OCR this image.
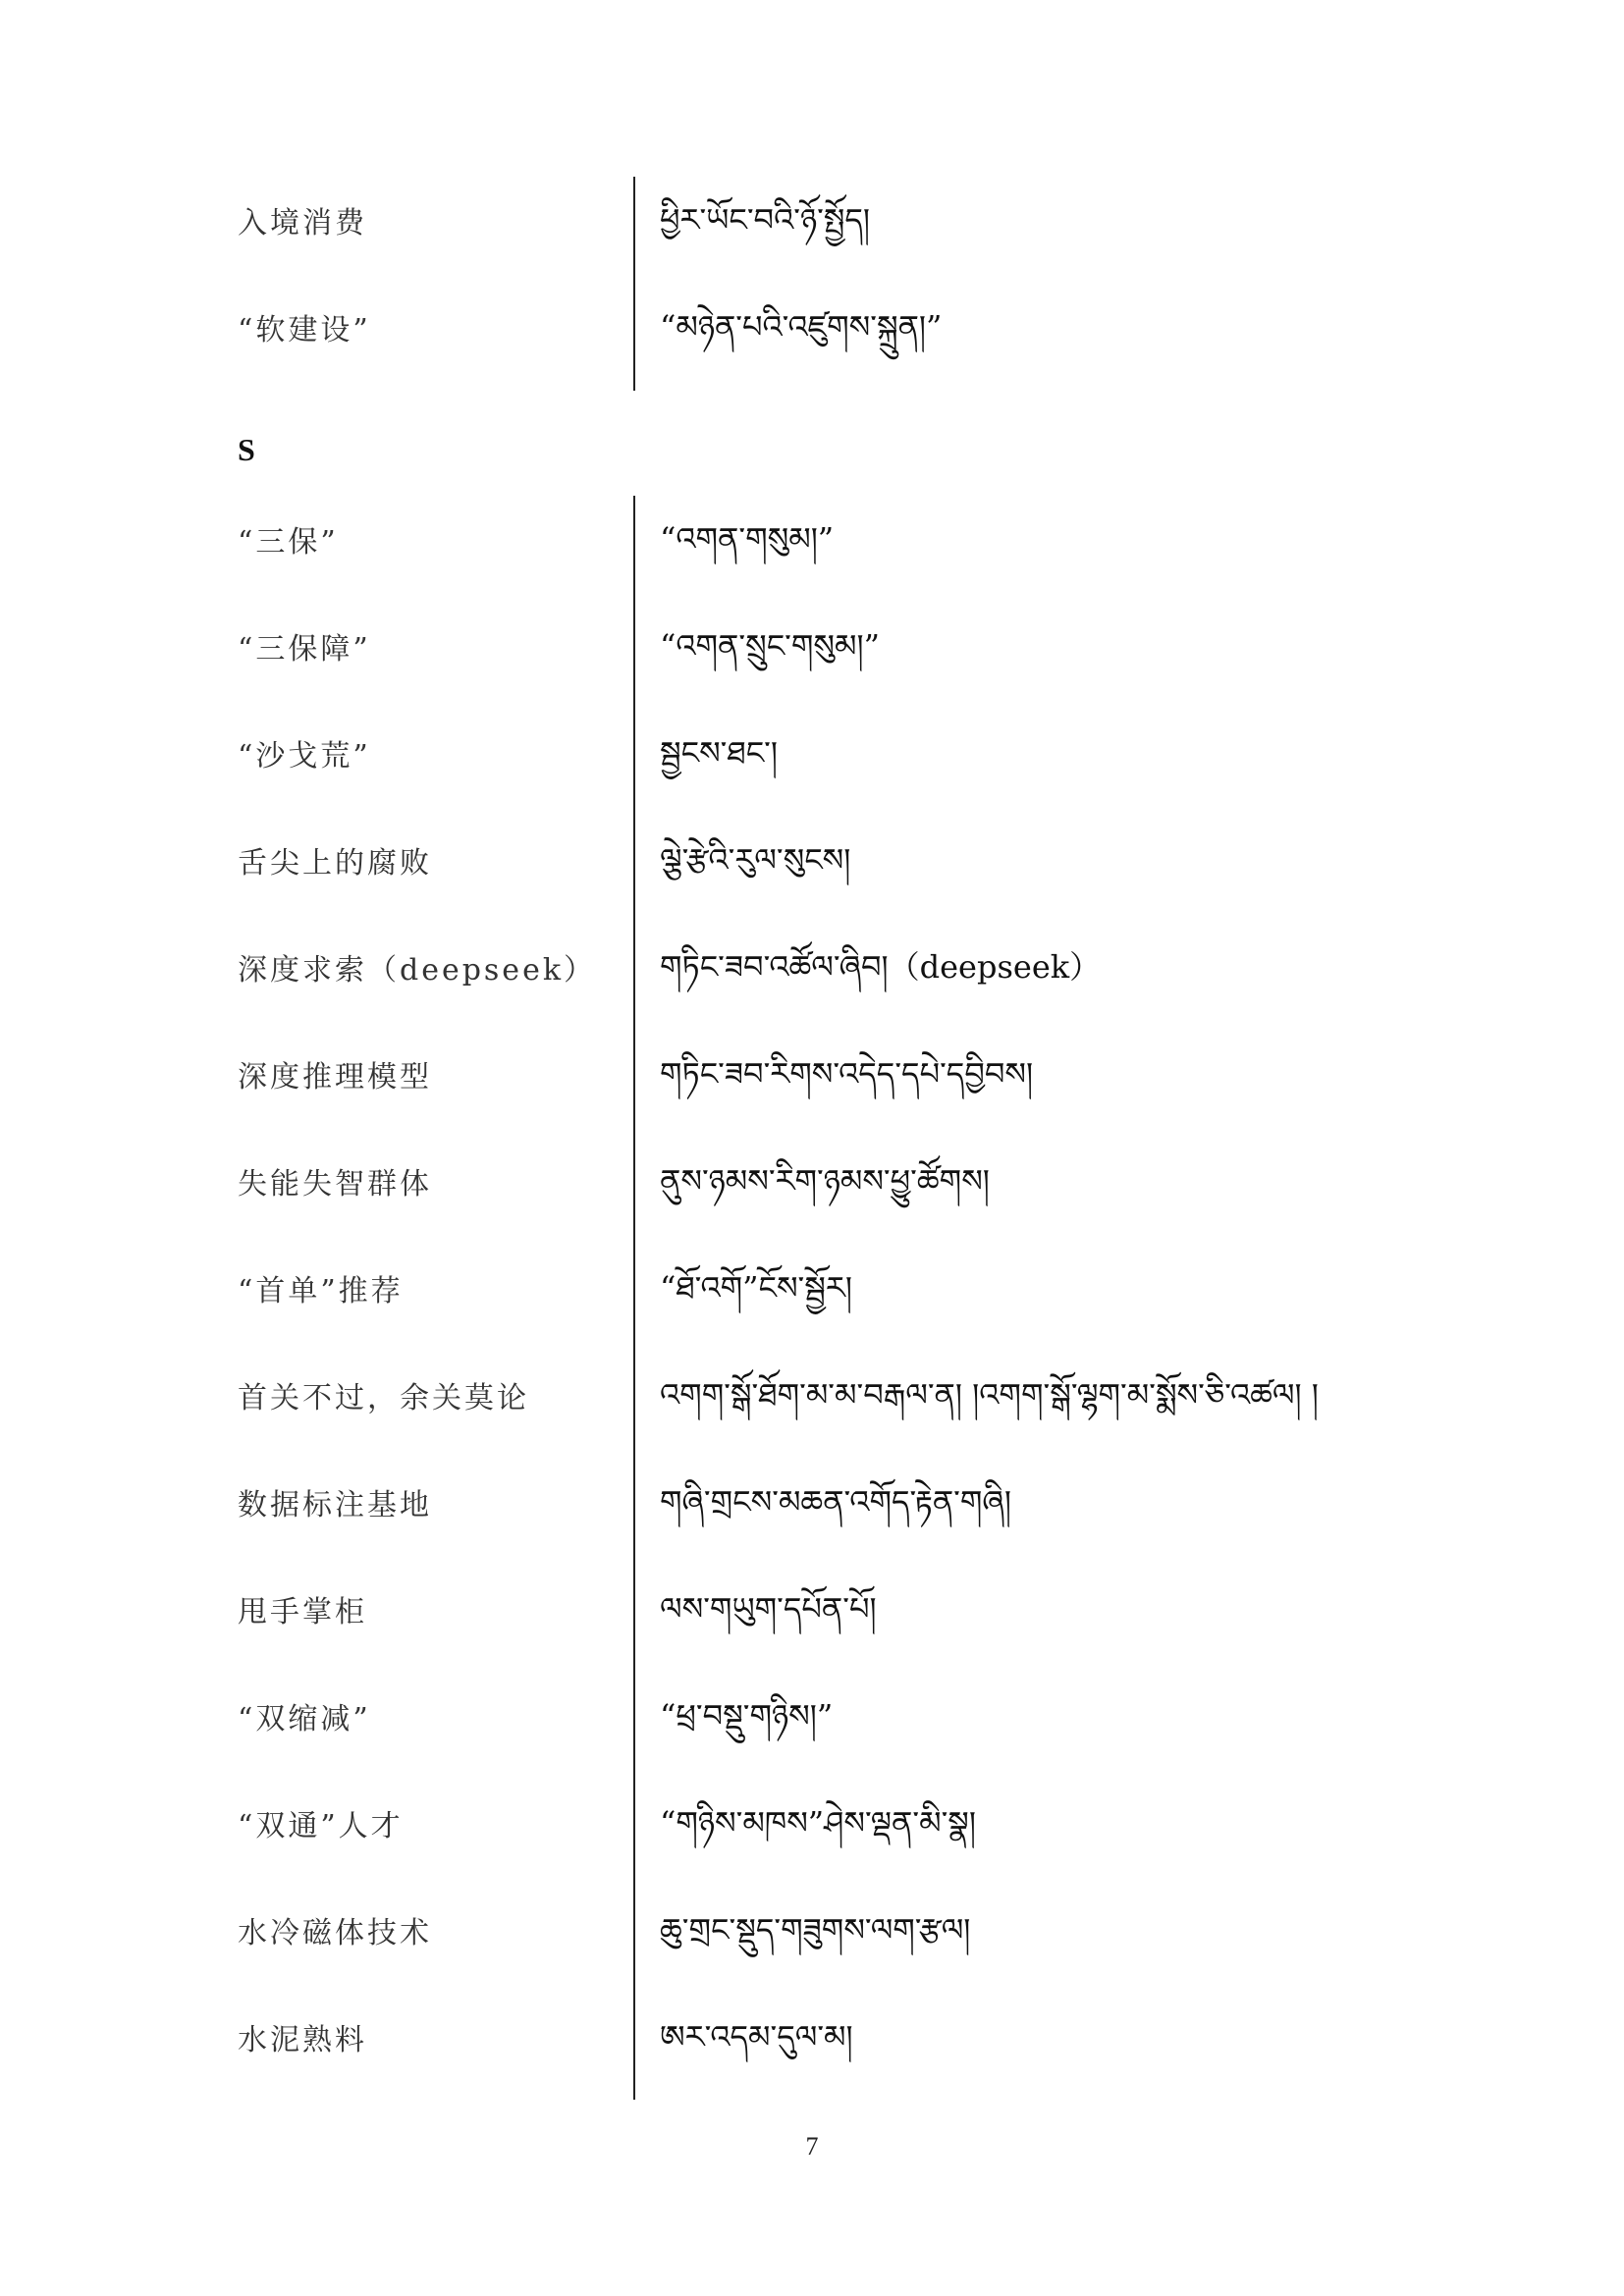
入境消费	ཕྱིར་ཡོང་བའི་ཉོ་སྤྱོད།
“软建设”	“མཉེན་པའི་འཛུགས་སྐྲུན།”
S
“三保”	“འགན་གསུམ།”
“三保障”	“འགན་སྲུང་གསུམ།”
“沙戈荒”	སྦྱངས་ཐང་།
舌尖上的腐败	ལྕེ་རྩེའི་རུལ་སུངས།
深度求索（deepseek） གཏིང་ཟབ་འཚོལ་ཞིབ།（deepseek）
深度推理模型	གཏིང་ཟབ་རིགས་འདེད་དཔེ་དབྱིབས།
失能失智群体	ནུས་ཉམས་རིག་ཉམས་ཕྱུ་ཚོགས།
“首单”推荐	“ཐོ་འགོ”ངོས་སྦྱོར།
首关不过，余关莫论	འགག་སྒོ་ཐོག་མ་མ་བརྒལ་ན། །འགག་སྒོ་ལྷག་མ་སྨོས་ཅི་འཚལ། །
数据标注基地	གཞི་གྲངས་མཆན་འགོད་རྟེན་གཞི།
甩手掌柜	ལས་གཡུག་དཔོན་པོ།
“双缩减”	“ཕྲ་བསྡུ་གཉིས།”
“双通”人才	“གཉིས་མཁས”ཤེས་ལྡན་མི་སྣ།
水冷磁体技术	ཆུ་གྲང་སྡུད་གཟུགས་ལག་རྩལ།
水泥熟料	ཨར་འདམ་དུལ་མ།
7
